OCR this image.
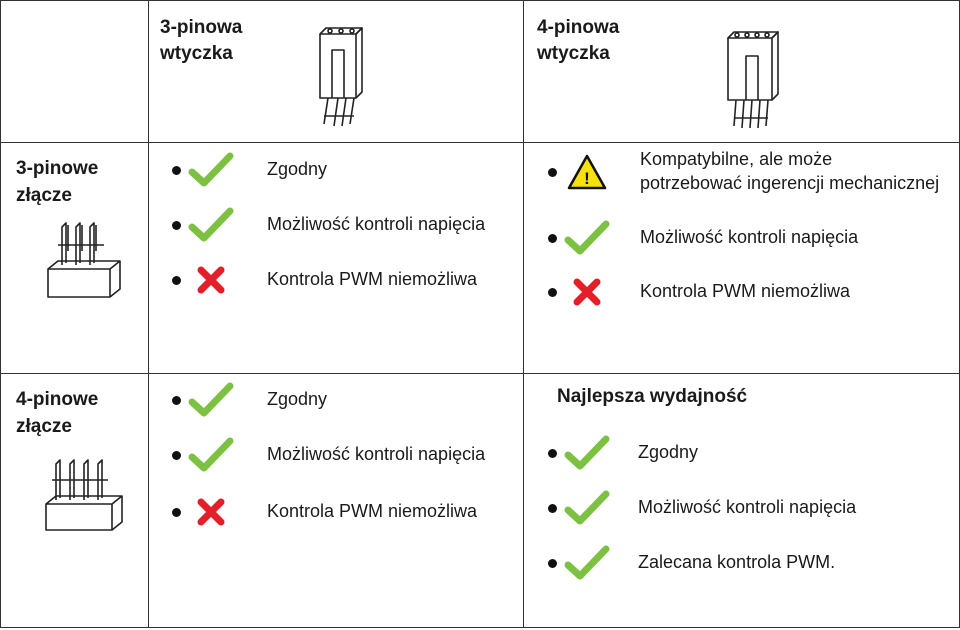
3-pinowa
wtyczka
4-pinowa
wtyczka
3-pinowe
złącze
4-pinowe
złącze
Zgodny
Możliwość kontroli napięcia
Kontrola PWM niemożliwa
!
Kompatybilne, ale może
potrzebować ingerencji mechanicznej
Możliwość kontroli napięcia
Kontrola PWM niemożliwa
Zgodny
Możliwość kontroli napięcia
Kontrola PWM niemożliwa
Najlepsza wydajność
Zgodny
Możliwość kontroli napięcia
Zalecana kontrola PWM.
